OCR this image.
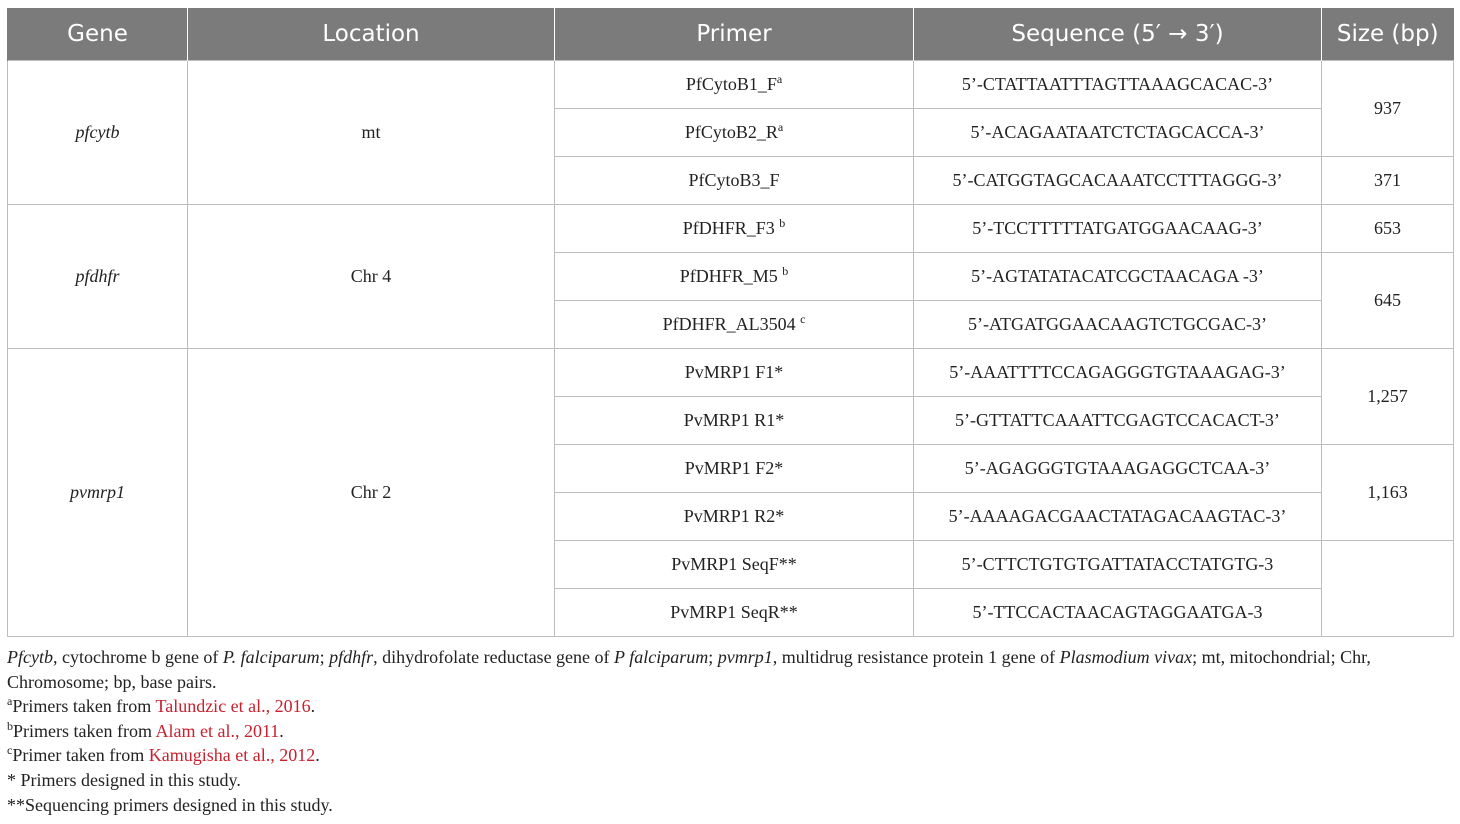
Gene	Location	Primer	Sequence (5′ → 3′)	Size (bp)
pfcytb	mt	$PfCytoB1\_F^a$	5’-CTATTAATTTAGTTAAAGCACAC-3’	937
		$PfCytoB2\_R^a$	5’-ACAGAATAATCTCTAGCACCA-3’	
		PfCytoB3_F	5’-CATGGTAGCACAAATCCTTTAGGG-3’	371
pfdhfr	Chr 4	PfDHFR_F3 $^b$	5’-TCCTTTTTATGATGGAACAAG-3’	653
		PfDHFR_M5 $^b$	5’-AGTATATACATCGCTAACAGA -3’	645
		PfDHFR_AL3504 $^c$	5’-ATGATGGAACAAGTCTGCGAC-3’	
pvmrp1	Chr 2	PvMRP1 F1*	5’-AAATTTTCCAGAGGGTGTAAAGAG-3’	1,257
		PvMRP1 R1*	5’-GTTATTCAAATTCGAGTCCACACT-3’	
		PvMRP1 F2*	5’-AGAGGGTGTAAAGAGGCTCAA-3’	1,163
		PvMRP1 R2*	5’-AAAAGACGAACTATAGACAAGTAC-3’	
		PvMRP1 SeqF**	5’-CTTCTGTGTGATTATACCTATGTG-3	
		PvMRP1 SeqR**	5’-TTCCACTAACAGTAGGAATGA-3	

Pfcytb, cytochrome b gene of P. falciparum; pfdhfr, dihydrofolate reductase gene of P falciparum; pvmrp1, multidrug resistance protein 1 gene of Plasmodium vivax; mt, mitochondrial; Chr, Chromosome; bp, base pairs.

$^a$Primers taken from Talundzic et al., 2016.

$^b$Primers taken from Alam et al., 2011.

$^c$Primer taken from Kamugisha et al., 2012.

* Primers designed in this study.

**Sequencing primers designed in this study.
